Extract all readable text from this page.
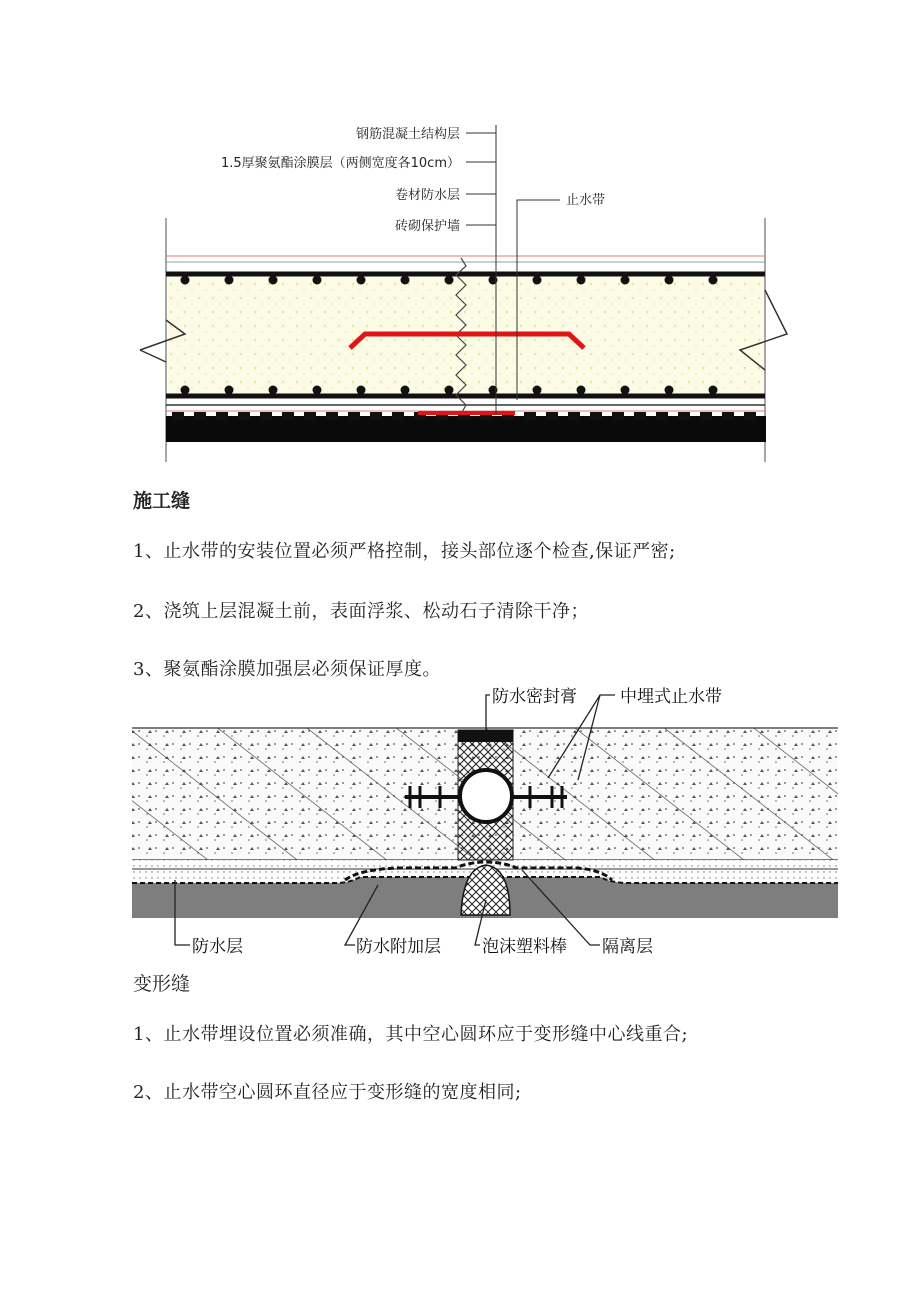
钢筋混凝土结构层
1.5厚聚氨酯涂膜层（两侧宽度各10cm）
卷材防水层
砖砌保护墙
止水带
施工缝

1、止水带的安装位置必须严格控制，接头部位逐个检查,保证严密;

2、浇筑上层混凝土前，表面浮浆、松动石子清除干净；

3、聚氨酯涂膜加强层必须保证厚度。

防水密封膏	中埋式止水带
防水层	防水附加层 泡沫塑料棒 隔离层
变形缝

1、止水带埋设位置必须准确，其中空心圆环应于变形缝中心线重合;

2、止水带空心圆环直径应于变形缝的宽度相同;
